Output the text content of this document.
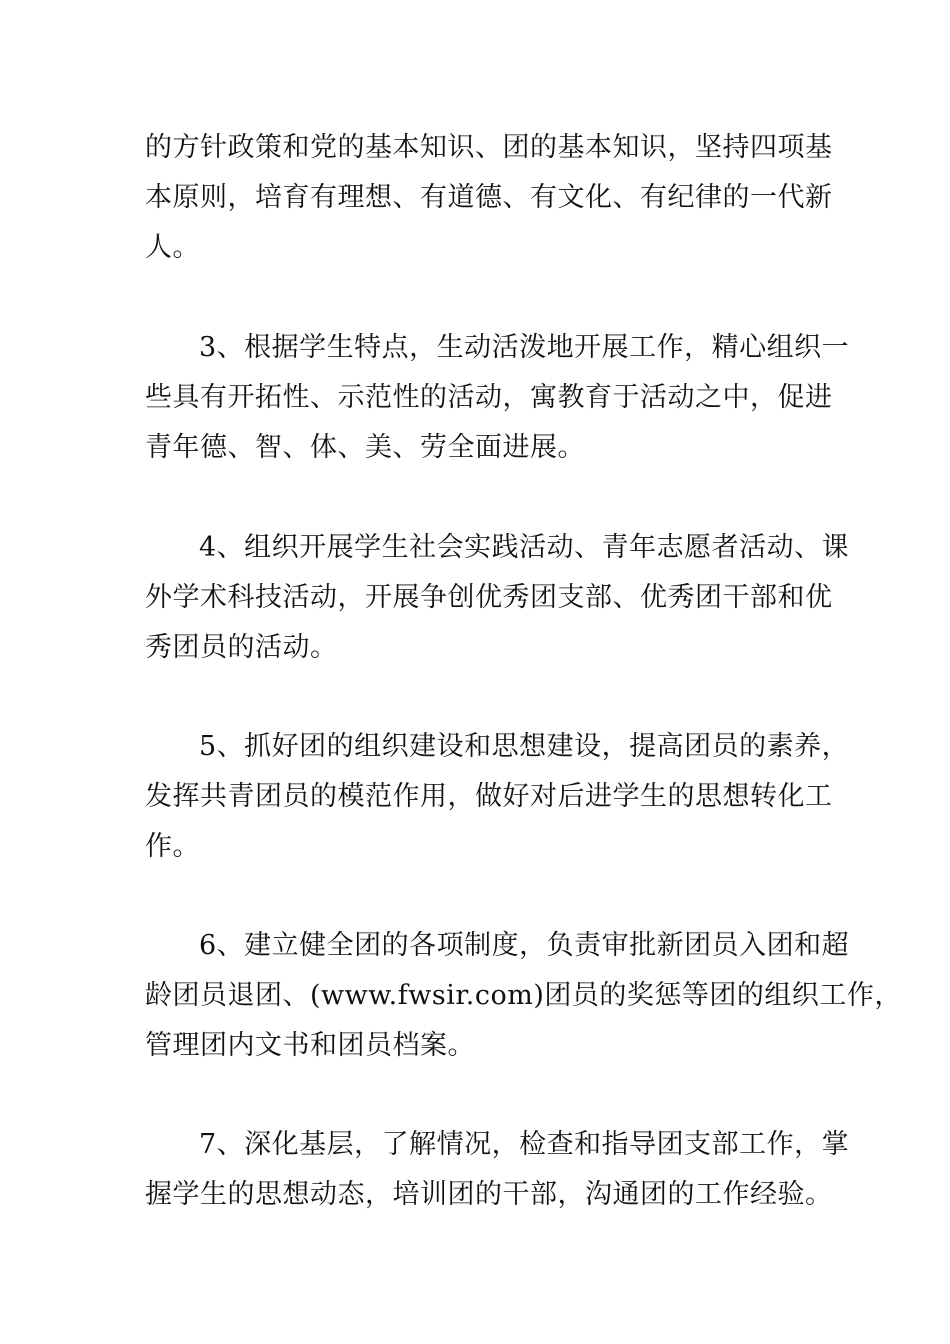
的方针政策和党的基本知识、团的基本知识，坚持四项基
本原则，培育有理想、有道德、有文化、有纪律的一代新
人。

3、根据学生特点，生动活泼地开展工作，精心组织一
些具有开拓性、示范性的活动，寓教育于活动之中，促进
青年德、智、体、美、劳全面进展。

4、组织开展学生社会实践活动、青年志愿者活动、课
外学术科技活动，开展争创优秀团支部、优秀团干部和优
秀团员的活动。

5、抓好团的组织建设和思想建设，提高团员的素养，
发挥共青团员的模范作用，做好对后进学生的思想转化工
作。

6、建立健全团的各项制度，负责审批新团员入团和超
龄团员退团、(www.fwsir.com)团员的奖惩等团的组织工作，
管理团内文书和团员档案。

7、深化基层，了解情况，检查和指导团支部工作，掌
握学生的思想动态，培训团的干部，沟通团的工作经验。
